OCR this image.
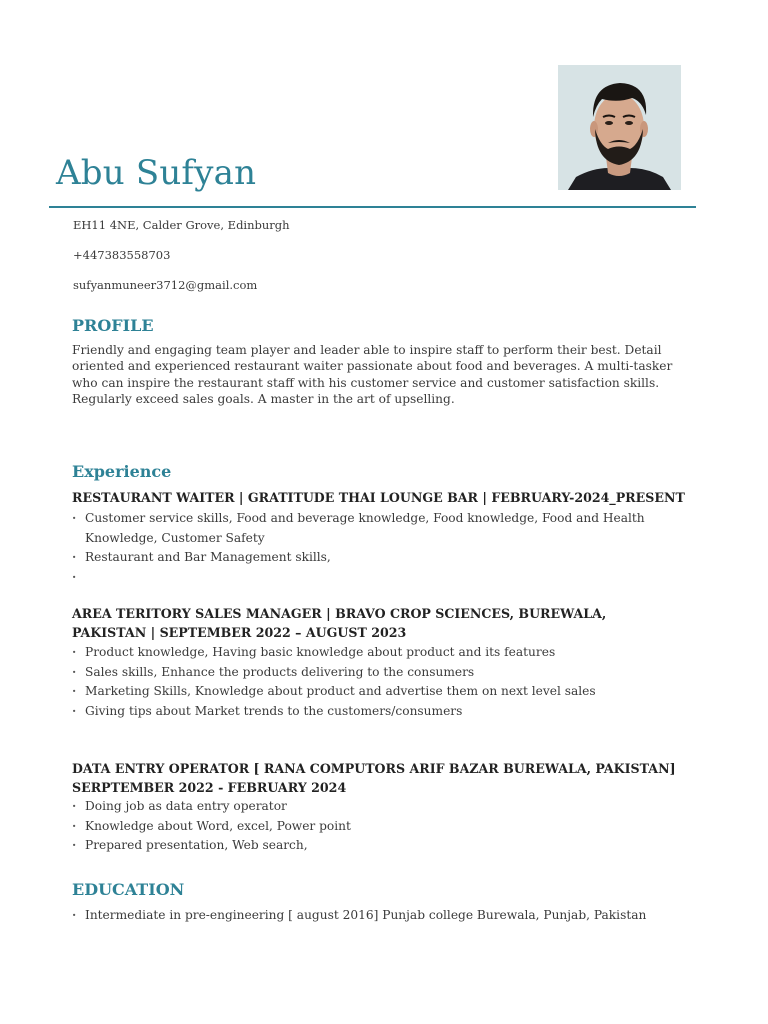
Abu Sufyan
EH11 4NE, Calder Grove, Edinburgh
+447383558703
sufyanmuneer3712@gmail.com
PROFILE
Friendly and engaging team player and leader able to inspire staff to perform their best. Detail oriented and experienced restaurant waiter passionate about food and beverages. A multi-tasker who can inspire the restaurant staff with his customer service and customer satisfaction skills. Regularly exceed sales goals. A master in the art of upselling.
Experience
RESTAURANT WAITER | GRATITUDE THAI LOUNGE BAR | FEBRUARY-2024_PRESENT
· Customer service skills, Food and beverage knowledge, Food knowledge, Food and Health Knowledge, Customer Safety
· Restaurant and Bar Management skills,
·
AREA TERITORY SALES MANAGER | BRAVO CROP SCIENCES, BUREWALA,
PAKISTAN | SEPTEMBER 2022 – AUGUST 2023
· Product knowledge, Having basic knowledge about product and its features
· Sales skills, Enhance the products delivering to the consumers
· Marketing Skills, Knowledge about product and advertise them on next level sales
· Giving tips about Market trends to the customers/consumers
DATA ENTRY OPERATOR [ RANA COMPUTORS ARIF BAZAR BUREWALA, PAKISTAN]
SERPTEMBER 2022 - FEBRUARY 2024
· Doing job as data entry operator
· Knowledge about Word, excel, Power point
· Prepared presentation, Web search,
EDUCATION
· Intermediate in pre-engineering [ august 2016] Punjab college Burewala, Punjab, Pakistan
